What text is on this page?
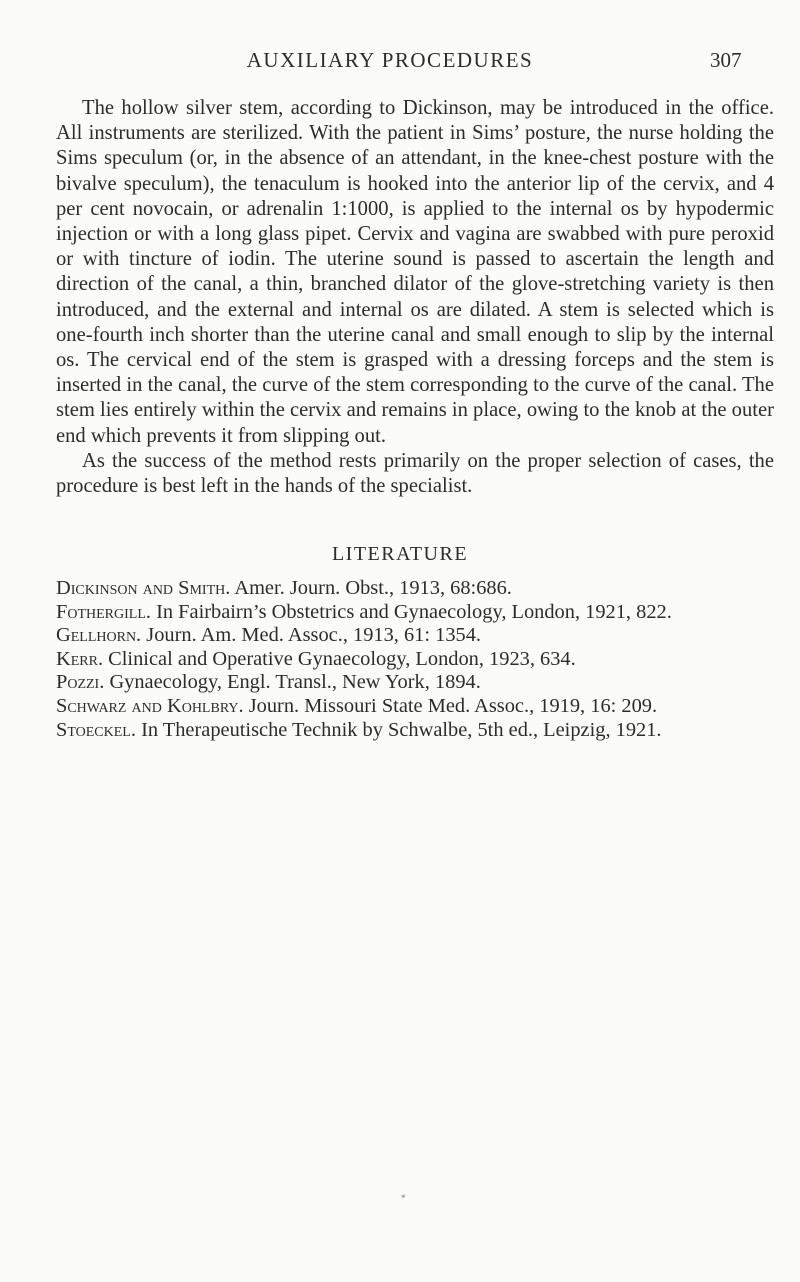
AUXILIARY PROCEDURES	307

The hollow silver stem, according to Dickinson, may be introduced in the office. All instruments are sterilized. With the patient in Sims’ posture, the nurse holding the Sims speculum (or, in the absence of an attendant, in the knee-chest posture with the bivalve speculum), the tenaculum is hooked into the anterior lip of the cervix, and 4 per cent novocain, or adrenalin 1:1000, is applied to the internal os by hypodermic injection or with a long glass pipet. Cervix and vagina are swabbed with pure peroxid or with tincture of iodin. The uterine sound is passed to ascertain the length and direction of the canal, a thin, branched dilator of the glove-stretching variety is then introduced, and the external and internal os are dilated. A stem is selected which is one-fourth inch shorter than the uterine canal and small enough to slip by the internal os. The cervical end of the stem is grasped with a dressing forceps and the stem is inserted in the canal, the curve of the stem corresponding to the curve of the canal. The stem lies entirely within the cervix and remains in place, owing to the knob at the outer end which prevents it from slipping out.

As the success of the method rests primarily on the proper selection of cases, the procedure is best left in the hands of the specialist.

LITERATURE
Dickinson and Smith. Amer. Journ. Obst., 1913, 68:686.
Fothergill. In Fairbairn’s Obstetrics and Gynaecology, London, 1921, 822.
Gellhorn. Journ. Am. Med. Assoc., 1913, 61: 1354.
Kerr. Clinical and Operative Gynaecology, London, 1923, 634.
Pozzi. Gynaecology, Engl. Transl., New York, 1894.
Schwarz and Kohlbry. Journ. Missouri State Med. Assoc., 1919, 16: 209.
Stoeckel. In Therapeutische Technik by Schwalbe, 5th ed., Leipzig, 1921.
*
